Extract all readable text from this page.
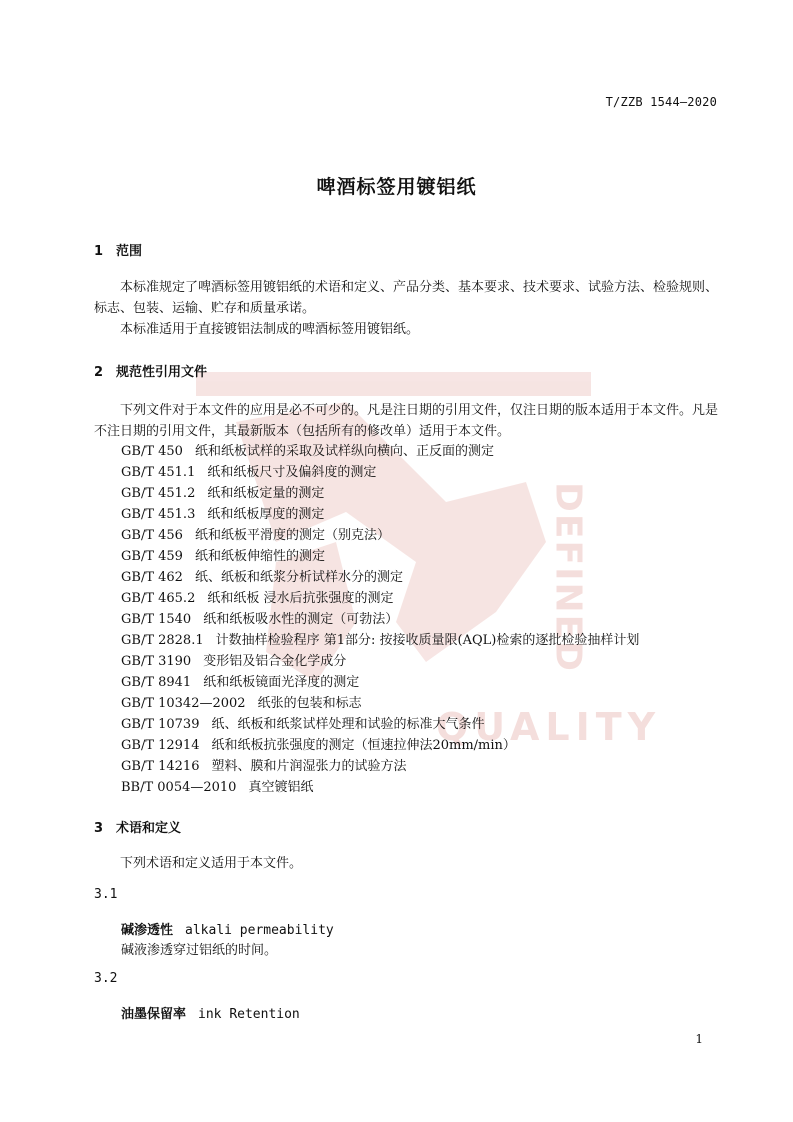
DEFINED
QUALITY
T/ZZB 1544—2020
啤酒标签用镀铝纸
1 范围

本标准规定了啤酒标签用镀铝纸的术语和定义、产品分类、基本要求、技术要求、试验方法、检验规则、标志、包装、运输、贮存和质量承诺。

本标准适用于直接镀铝法制成的啤酒标签用镀铝纸。

2 规范性引用文件

下列文件对于本文件的应用是必不可少的。凡是注日期的引用文件，仅注日期的版本适用于本文件。凡是不注日期的引用文件，其最新版本（包括所有的修改单）适用于本文件。

GB/T 450 纸和纸板试样的采取及试样纵向横向、正反面的测定
GB/T 451.1 纸和纸板尺寸及偏斜度的测定
GB/T 451.2 纸和纸板定量的测定
GB/T 451.3 纸和纸板厚度的测定
GB/T 456 纸和纸板平滑度的测定（别克法）
GB/T 459 纸和纸板伸缩性的测定
GB/T 462 纸、纸板和纸浆分析试样水分的测定
GB/T 465.2 纸和纸板 浸水后抗张强度的测定
GB/T 1540 纸和纸板吸水性的测定（可勃法）
GB/T 2828.1 计数抽样检验程序 第1部分: 按接收质量限(AQL)检索的逐批检验抽样计划
GB/T 3190 变形铝及铝合金化学成分
GB/T 8941 纸和纸板镜面光泽度的测定
GB/T 10342—2002 纸张的包装和标志
GB/T 10739 纸、纸板和纸浆试样处理和试验的标准大气条件
GB/T 12914 纸和纸板抗张强度的测定（恒速拉伸法20mm/min）
GB/T 14216 塑料、膜和片润湿张力的试验方法
BB/T 0054—2010 真空镀铝纸
3 术语和定义

下列术语和定义适用于本文件。

3.1
碱渗透性 alkali permeability
碱液渗透穿过铝纸的时间。
3.2
油墨保留率 ink Retention
1
